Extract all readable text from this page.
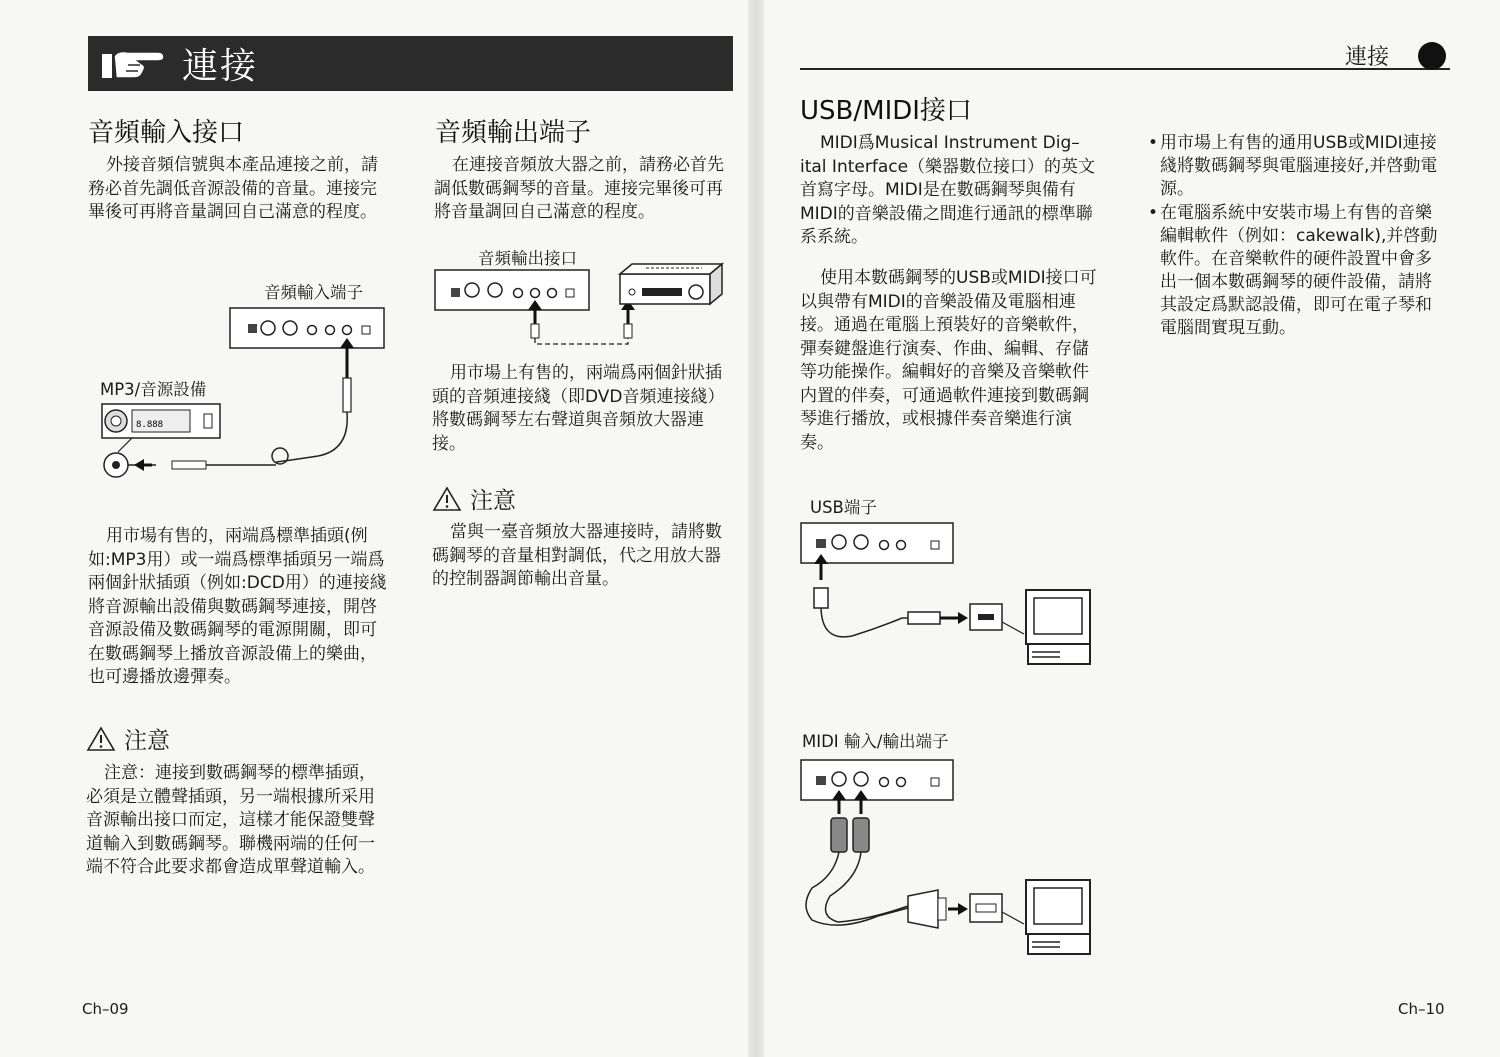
連接
音頻輸入接口

外接音頻信號與本產品連接之前，請務必首先調低音源設備的音量。連接完畢後可再將音量調回自己滿意的程度。

音頻輸入端子
MP3/音源設備
8.888

用市場有售的，兩端爲標準插頭(例如:MP3用）或一端爲標準插頭另一端爲兩個針狀插頭（例如:DCD用）的連接綫將音源輸出設備與數碼鋼琴連接，開啓音源設備及數碼鋼琴的電源開關，即可在數碼鋼琴上播放音源設備上的樂曲，也可邊播放邊彈奏。

注意

注意：連接到數碼鋼琴的標準插頭，必須是立體聲插頭，另一端根據所采用音源輸出接口而定，這樣才能保證雙聲道輸入到數碼鋼琴。聯機兩端的任何一端不符合此要求都會造成單聲道輸入。

音頻輸出端子

在連接音頻放大器之前，請務必首先調低數碼鋼琴的音量。連接完畢後可再將音量調回自己滿意的程度。

音頻輸出接口

用市場上有售的，兩端爲兩個針狀插頭的音頻連接綫（即DVD音頻連接綫）將數碼鋼琴左右聲道與音頻放大器連接。

注意

當與一臺音頻放大器連接時，請將數碼鋼琴的音量相對調低，代之用放大器的控制器調節輸出音量。

Ch–09
連接
USB/MIDI接口

MIDI爲Musical Instrument Dig–ital Interface（樂器數位接口）的英文首寫字母。MIDI是在數碼鋼琴與備有MIDI的音樂設備之間進行通訊的標準聯系系統。

使用本數碼鋼琴的USB或MIDI接口可以與帶有MIDI的音樂設備及電腦相連接。通過在電腦上預裝好的音樂軟件，彈奏鍵盤進行演奏、作曲、編輯、存儲等功能操作。編輯好的音樂及音樂軟件内置的伴奏，可通過軟件連接到數碼鋼琴進行播放，或根據伴奏音樂進行演奏。

• 用市場上有售的通用USB或MIDI連接綫將數碼鋼琴與電腦連接好,并啓動電源。
• 在電腦系統中安裝市場上有售的音樂編輯軟件（例如：cakewalk),并啓動軟件。在音樂軟件的硬件設置中會多出一個本數碼鋼琴的硬件設備，請將其設定爲默認設備，即可在電子琴和電腦間實現互動。
USB端子
MIDI 輸入/輸出端子
Ch–10
